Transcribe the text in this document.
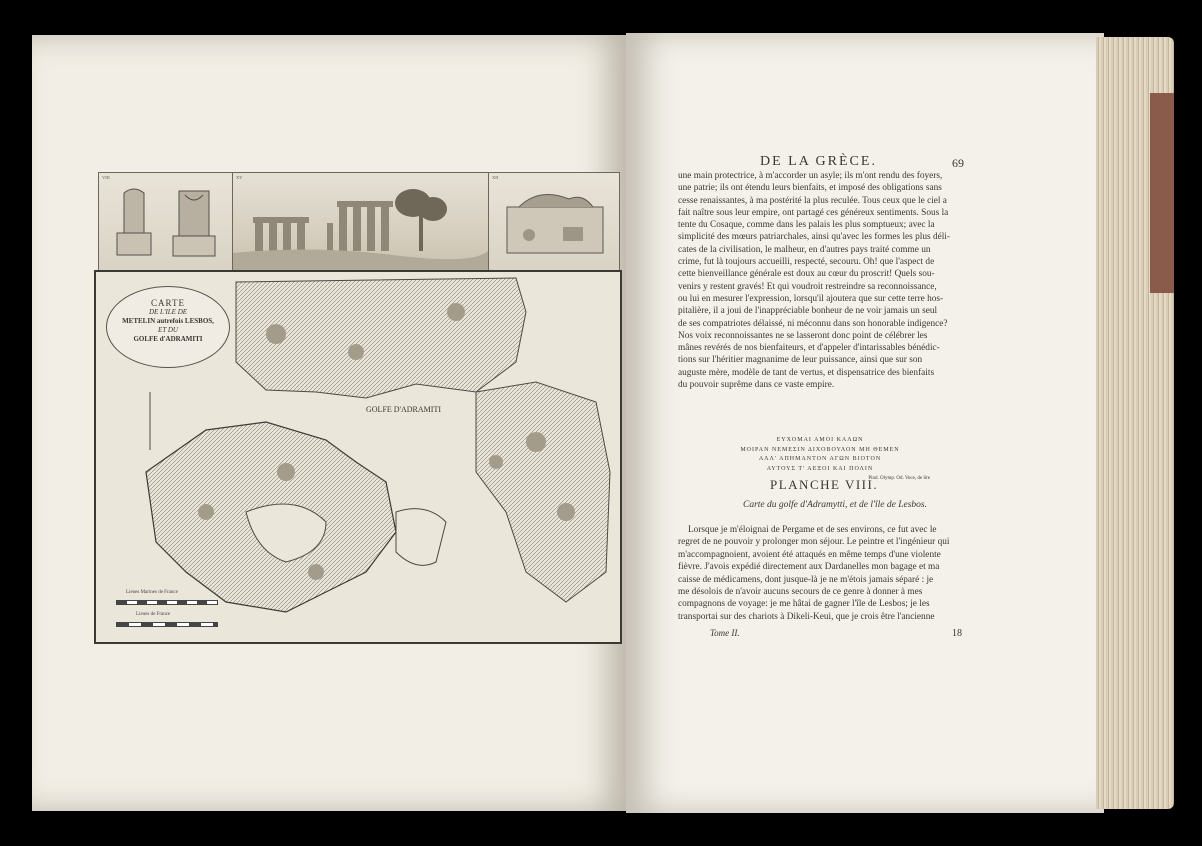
VIII	XV	XII
GOLFE D'ADRAMITI
CARTE
DE L'ILE DE
METELIN autrefois LESBOS,
ET DU
GOLFE d'ADRAMITI
Lieues Marines de France
Lieues de France
DE LA GRÈCE.	69
une main protectrice, à m'accorder un asyle; ils m'ont rendu des foyers,
une patrie; ils ont étendu leurs bienfaits, et imposé des obligations sans
cesse renaissantes, à ma postérité la plus reculée. Tous ceux que le ciel a
fait naître sous leur empire, ont partagé ces généreux sentiments. Sous la
tente du Cosaque, comme dans les palais les plus somptueux; avec la
simplicité des mœurs patriarchales, ainsi qu'avec les formes les plus déli-
cates de la civilisation, le malheur, en d'autres pays traité comme un
crime, fut là toujours accueilli, respecté, secouru. Oh! que l'aspect de
cette bienveillance générale est doux au cœur du proscrit! Quels sou-
venirs y restent gravés! Et qui voudroit restreindre sa reconnoissance,
ou lui en mesurer l'expression, lorsqu'il ajoutera que sur cette terre hos-
pitalière, il a joui de l'inappréciable bonheur de ne voir jamais un seul
de ses compatriotes délaissé, ni méconnu dans son honorable indigence?
Nos voix reconnoissantes ne se lasseront donc point de célébrer les
mânes revérés de nos bienfaiteurs, et d'appeler d'intarissables bénédic-
tions sur l'héritier magnanime de leur puissance, ainsi que sur son
auguste mère, modèle de tant de vertus, et dispensatrice des bienfaits
du pouvoir suprême dans ce vaste empire.
ΕΥΧΟΜΑΙ ΑΜΟΙ ΚΑΛΩΝ
ΜΟΙΡΑΝ ΝΕΜΕΣΙΝ ΔΙΧΟΒΟΥΛΟΝ ΜΗ ΘΕΜΕΝ
ΑΛΛ' ΑΠΗΜΑΝΤΟΝ ΑΓΩΝ ΒΙΟΤΟΝ
ΑΥΤΟΥΣ Τ' ΑΕΞΟΙ ΚΑΙ ΠΟΛΙΝ
Pind. Olymp. Od. Voce, de lire
PLANCHE VIII.
Carte du golfe d'Adramytti, et de l'île de Lesbos.
Lorsque je m'éloignai de Pergame et de ses environs, ce fut avec le
regret de ne pouvoir y prolonger mon séjour. Le peintre et l'ingénieur qui
m'accompagnoient, avoient été attaqués en même temps d'une violente
fièvre. J'avois expédié directement aux Dardanelles mon bagage et ma
caisse de médicamens, dont jusque-là je ne m'étois jamais séparé : je
me désolois de n'avoir aucuns secours de ce genre à donner à mes
compagnons de voyage: je me hâtai de gagner l'île de Lesbos; je les
transportai sur des chariots à Dikeli-Keui, que je crois être l'ancienne
Tome II.	18
